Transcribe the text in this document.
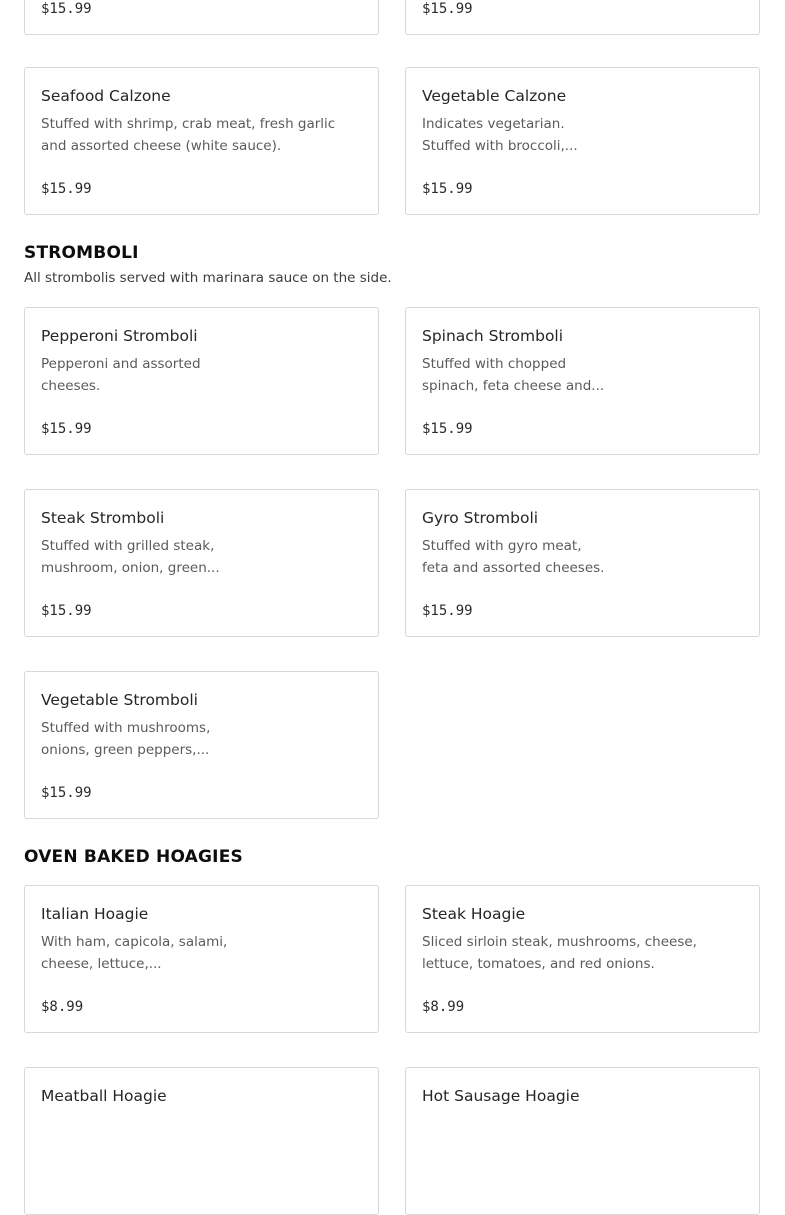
$15.99	$15.99
Seafood Calzone
Stuffed with shrimp, crab meat, fresh garlic and assorted cheese (white sauce).
$15.99
Vegetable Calzone
Indicates vegetarian. Stuffed with broccoli,...
$15.99
STROMBOLI
All strombolis served with marinara sauce on the side.
Pepperoni Stromboli
Pepperoni and assorted cheeses.
$15.99
Spinach Stromboli
Stuffed with chopped spinach, feta cheese and...
$15.99
Steak Stromboli
Stuffed with grilled steak, mushroom, onion, green...
$15.99
Gyro Stromboli
Stuffed with gyro meat, feta and assorted cheeses.
$15.99
Vegetable Stromboli
Stuffed with mushrooms, onions, green peppers,...
$15.99
OVEN BAKED HOAGIES
Italian Hoagie
With ham, capicola, salami, cheese, lettuce,...
$8.99
Steak Hoagie
Sliced sirloin steak, mushrooms, cheese, lettuce, tomatoes, and red onions.
$8.99
Meatball Hoagie	Hot Sausage Hoagie
